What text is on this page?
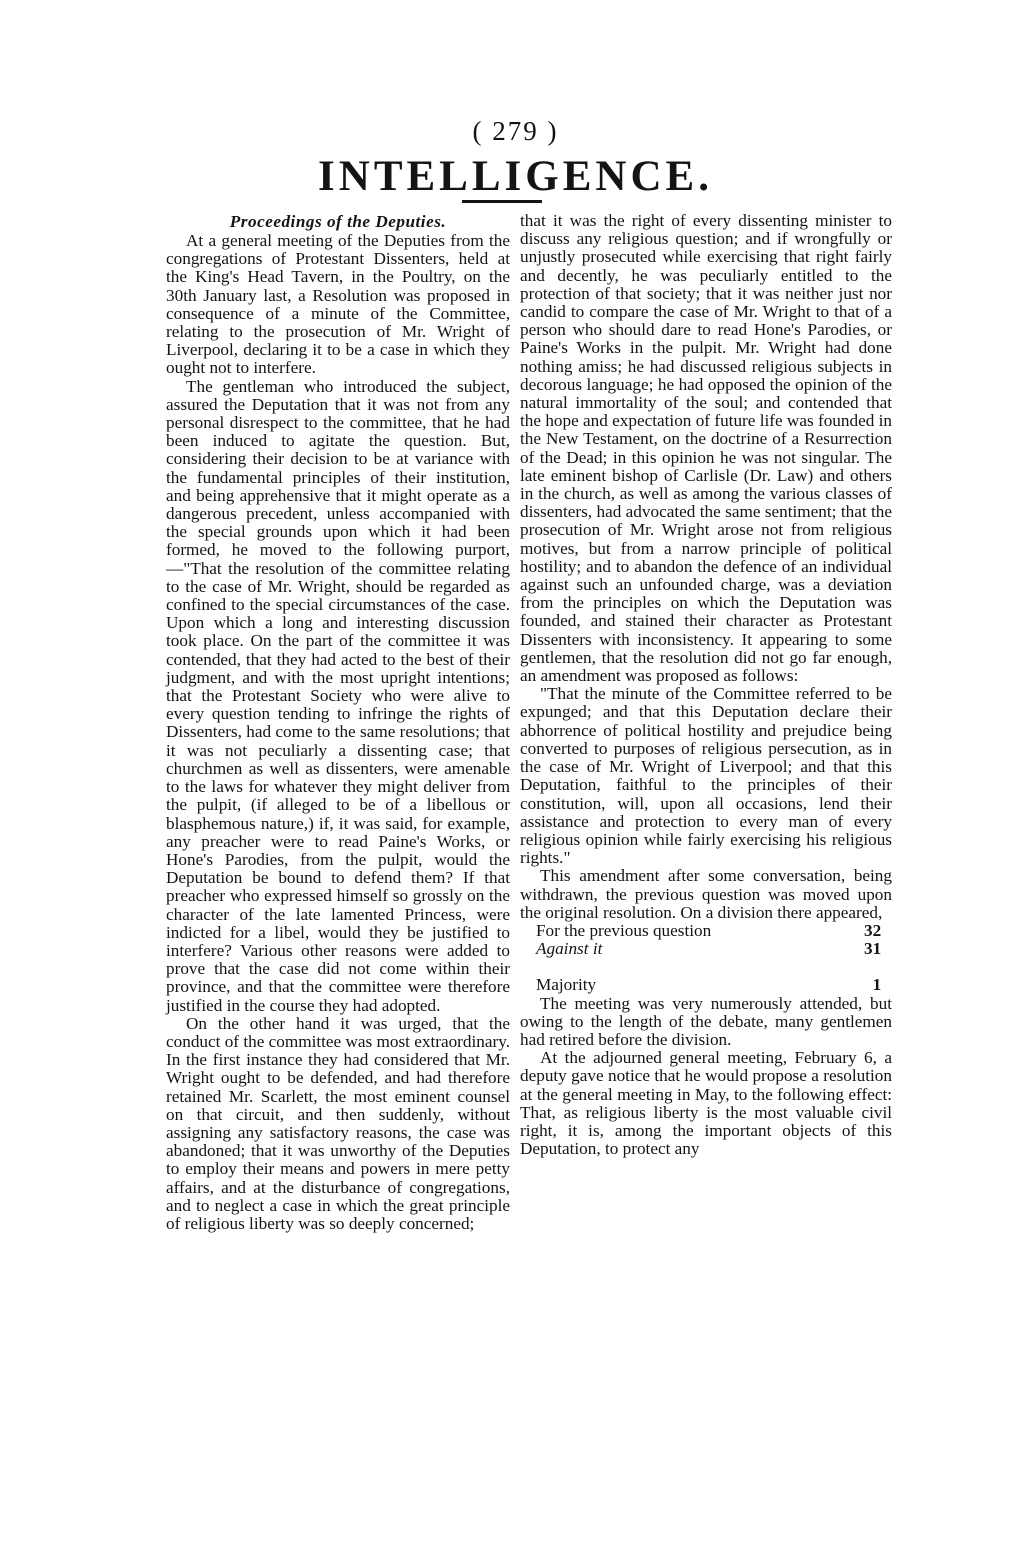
( 279 )
INTELLIGENCE.
Proceedings of the Deputies.

At a general meeting of the Deputies from the congregations of Protestant Dissenters, held at the King's Head Tavern, in the Poultry, on the 30th January last, a Resolution was proposed in consequence of a minute of the Committee, relating to the prosecution of Mr. Wright of Liverpool, declaring it to be a case in which they ought not to interfere.

The gentleman who introduced the subject, assured the Deputation that it was not from any personal disrespect to the committee, that he had been induced to agitate the question. But, considering their decision to be at variance with the fundamental principles of their institution, and being apprehensive that it might operate as a dangerous precedent, unless accompanied with the special grounds upon which it had been formed, he moved to the following purport,—"That the resolution of the committee relating to the case of Mr. Wright, should be regarded as confined to the special circumstances of the case. Upon which a long and interesting discussion took place. On the part of the committee it was contended, that they had acted to the best of their judgment, and with the most upright intentions; that the Protestant Society who were alive to every question tending to infringe the rights of Dissenters, had come to the same resolutions; that it was not peculiarly a dissenting case; that churchmen as well as dissenters, were amenable to the laws for whatever they might deliver from the pulpit, (if alleged to be of a libellous or blasphemous nature,) if, it was said, for example, any preacher were to read Paine's Works, or Hone's Parodies, from the pulpit, would the Deputation be bound to defend them? If that preacher who expressed himself so grossly on the character of the late lamented Princess, were indicted for a libel, would they be justified to interfere? Various other reasons were added to prove that the case did not come within their province, and that the committee were therefore justified in the course they had adopted.

On the other hand it was urged, that the conduct of the committee was most extraordinary. In the first instance they had considered that Mr. Wright ought to be defended, and had therefore retained Mr. Scarlett, the most eminent counsel on that circuit, and then suddenly, without assigning any satisfactory reasons, the case was abandoned; that it was unworthy of the Deputies to employ their means and powers in mere petty affairs, and at the disturbance of congregations, and to neglect a case in which the great principle of religious liberty was so deeply concerned;

that it was the right of every dissenting minister to discuss any religious question; and if wrongfully or unjustly prosecuted while exercising that right fairly and decently, he was peculiarly entitled to the protection of that society; that it was neither just nor candid to compare the case of Mr. Wright to that of a person who should dare to read Hone's Parodies, or Paine's Works in the pulpit. Mr. Wright had done nothing amiss; he had discussed religious subjects in decorous language; he had opposed the opinion of the natural immortality of the soul; and contended that the hope and expectation of future life was founded in the New Testament, on the doctrine of a Resurrection of the Dead; in this opinion he was not singular. The late eminent bishop of Carlisle (Dr. Law) and others in the church, as well as among the various classes of dissenters, had advocated the same sentiment; that the prosecution of Mr. Wright arose not from religious motives, but from a narrow principle of political hostility; and to abandon the defence of an individual against such an unfounded charge, was a deviation from the principles on which the Deputation was founded, and stained their character as Protestant Dissenters with inconsistency. It appearing to some gentlemen, that the resolution did not go far enough, an amendment was proposed as follows:

"That the minute of the Committee referred to be expunged; and that this Deputation declare their abhorrence of political hostility and prejudice being converted to purposes of religious persecution, as in the case of Mr. Wright of Liverpool; and that this Deputation, faithful to the principles of their constitution, will, upon all occasions, lend their assistance and protection to every man of every religious opinion while fairly exercising his religious rights."

This amendment after some conversation, being withdrawn, the previous question was moved upon the original resolution. On a division there appeared,

For the previous question	32
Against it	31
Majority	1

The meeting was very numerously attended, but owing to the length of the debate, many gentlemen had retired before the division.

At the adjourned general meeting, February 6, a deputy gave notice that he would propose a resolution at the general meeting in May, to the following effect: That, as religious liberty is the most valuable civil right, it is, among the important objects of this Deputation, to protect any
